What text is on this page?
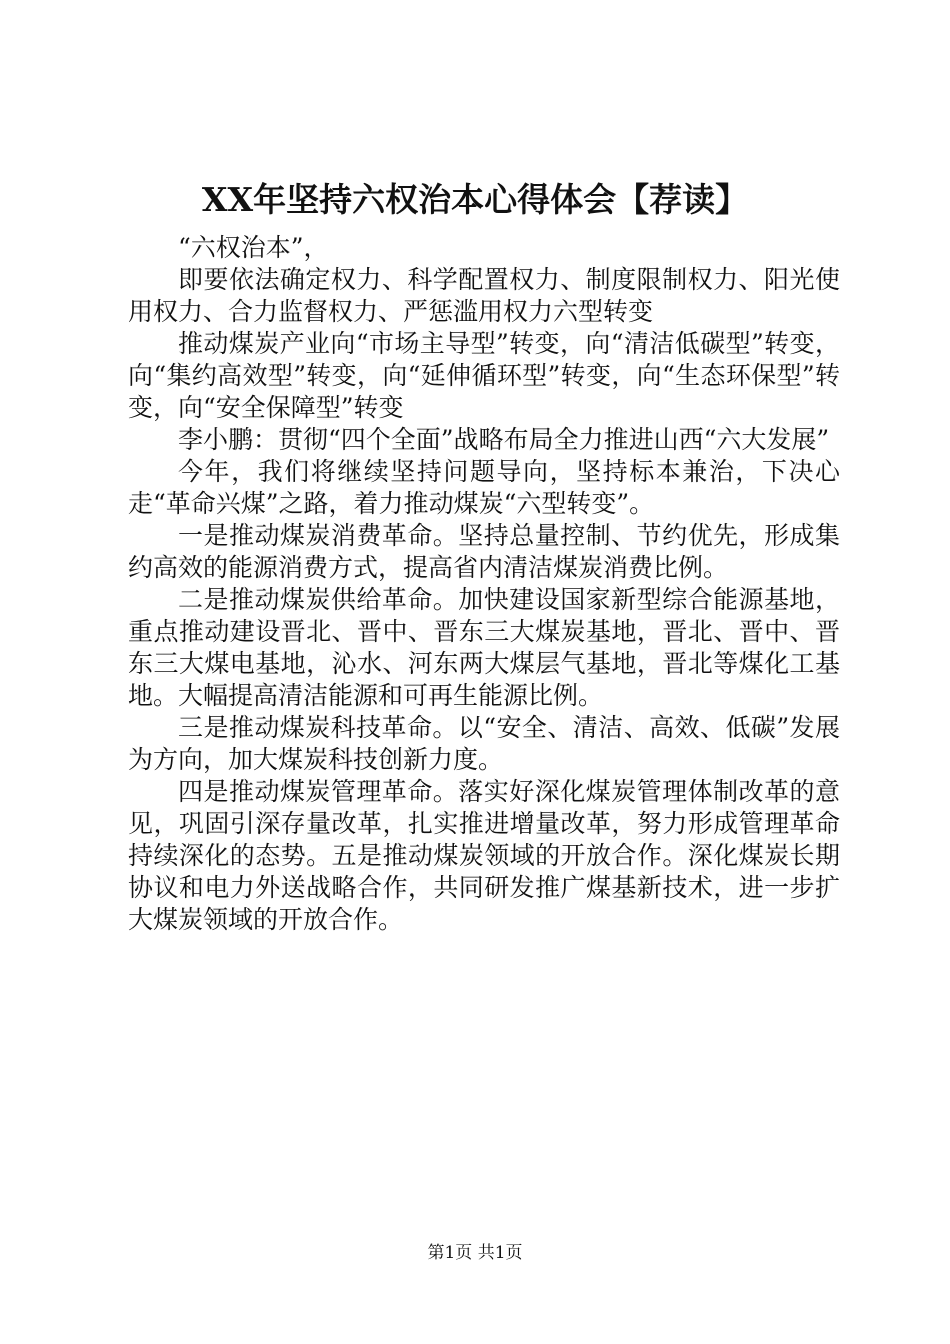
XX年坚持六权治本心得体会【荐读】

“六权治本”，

即要依法确定权力、科学配置权力、制度限制权力、阳光使用权力、合力监督权力、严惩滥用权力六型转变

推动煤炭产业向“市场主导型”转变，向“清洁低碳型”转变，向“集约高效型”转变，向“延伸循环型”转变，向“生态环保型”转变，向“安全保障型”转变

李小鹏：贯彻“四个全面”战略布局全力推进山西“六大发展”

今年，我们将继续坚持问题导向，坚持标本兼治，下决心走“革命兴煤”之路，着力推动煤炭“六型转变”。

一是推动煤炭消费革命。坚持总量控制、节约优先，形成集约高效的能源消费方式，提高省内清洁煤炭消费比例。

二是推动煤炭供给革命。加快建设国家新型综合能源基地，重点推动建设晋北、晋中、晋东三大煤炭基地，晋北、晋中、晋东三大煤电基地，沁水、河东两大煤层气基地，晋北等煤化工基地。大幅提高清洁能源和可再生能源比例。

三是推动煤炭科技革命。以“安全、清洁、高效、低碳”发展为方向，加大煤炭科技创新力度。

四是推动煤炭管理革命。落实好深化煤炭管理体制改革的意见，巩固引深存量改革，扎实推进增量改革，努力形成管理革命持续深化的态势。五是推动煤炭领域的开放合作。深化煤炭长期协议和电力外送战略合作，共同研发推广煤基新技术，进一步扩大煤炭领域的开放合作。

第1页 共1页
